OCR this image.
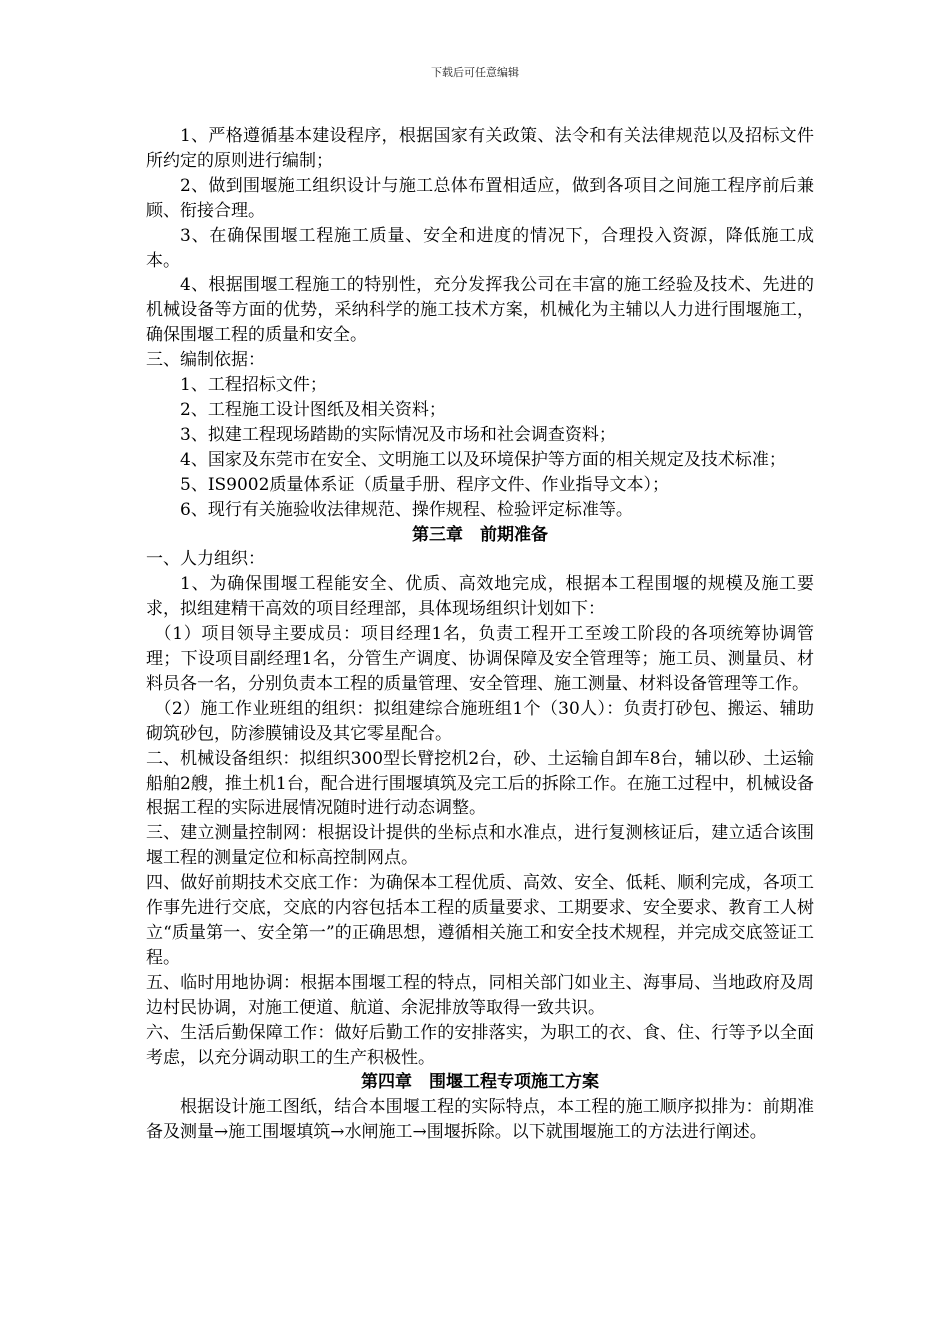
下载后可任意编辑

1、严格遵循基本建设程序，根据国家有关政策、法令和有关法律规范以及招标文件所约定的原则进行编制；

2、做到围堰施工组织设计与施工总体布置相适应，做到各项目之间施工程序前后兼顾、衔接合理。

3、在确保围堰工程施工质量、安全和进度的情况下，合理投入资源，降低施工成本。

4、根据围堰工程施工的特别性，充分发挥我公司在丰富的施工经验及技术、先进的机械设备等方面的优势，采纳科学的施工技术方案，机械化为主辅以人力进行围堰施工，确保围堰工程的质量和安全。

三、编制依据：

1、工程招标文件；

2、工程施工设计图纸及相关资料；

3、拟建工程现场踏勘的实际情况及市场和社会调查资料；

4、国家及东莞市在安全、文明施工以及环境保护等方面的相关规定及技术标准；

5、IS9002质量体系证（质量手册、程序文件、作业指导文本）；

6、现行有关施验收法律规范、操作规程、检验评定标准等。

第三章　前期准备

一、人力组织：

1、为确保围堰工程能安全、优质、高效地完成，根据本工程围堰的规模及施工要求，拟组建精干高效的项目经理部，具体现场组织计划如下：

（1）项目领导主要成员：项目经理1名，负责工程开工至竣工阶段的各项统筹协调管理；下设项目副经理1名，分管生产调度、协调保障及安全管理等；施工员、测量员、材料员各一名，分别负责本工程的质量管理、安全管理、施工测量、材料设备管理等工作。

（2）施工作业班组的组织：拟组建综合施班组1个（30人）：负责打砂包、搬运、辅助砌筑砂包，防渗膜铺设及其它零星配合。

二、机械设备组织：拟组织300型长臂挖机2台，砂、土运输自卸车8台，辅以砂、土运输船舶2艘，推土机1台，配合进行围堰填筑及完工后的拆除工作。在施工过程中，机械设备根据工程的实际进展情况随时进行动态调整。

三、建立测量控制网：根据设计提供的坐标点和水准点，进行复测核证后，建立适合该围堰工程的测量定位和标高控制网点。

四、做好前期技术交底工作：为确保本工程优质、高效、安全、低耗、顺利完成，各项工作事先进行交底，交底的内容包括本工程的质量要求、工期要求、安全要求、教育工人树立“质量第一、安全第一”的正确思想，遵循相关施工和安全技术规程，并完成交底签证工程。

五、临时用地协调：根据本围堰工程的特点，同相关部门如业主、海事局、当地政府及周边村民协调，对施工便道、航道、余泥排放等取得一致共识。

六、生活后勤保障工作：做好后勤工作的安排落实，为职工的衣、食、住、行等予以全面考虑，以充分调动职工的生产积极性。

第四章　围堰工程专项施工方案

根据设计施工图纸，结合本围堰工程的实际特点，本工程的施工顺序拟排为：前期准备及测量→施工围堰填筑→水闸施工→围堰拆除。以下就围堰施工的方法进行阐述。
